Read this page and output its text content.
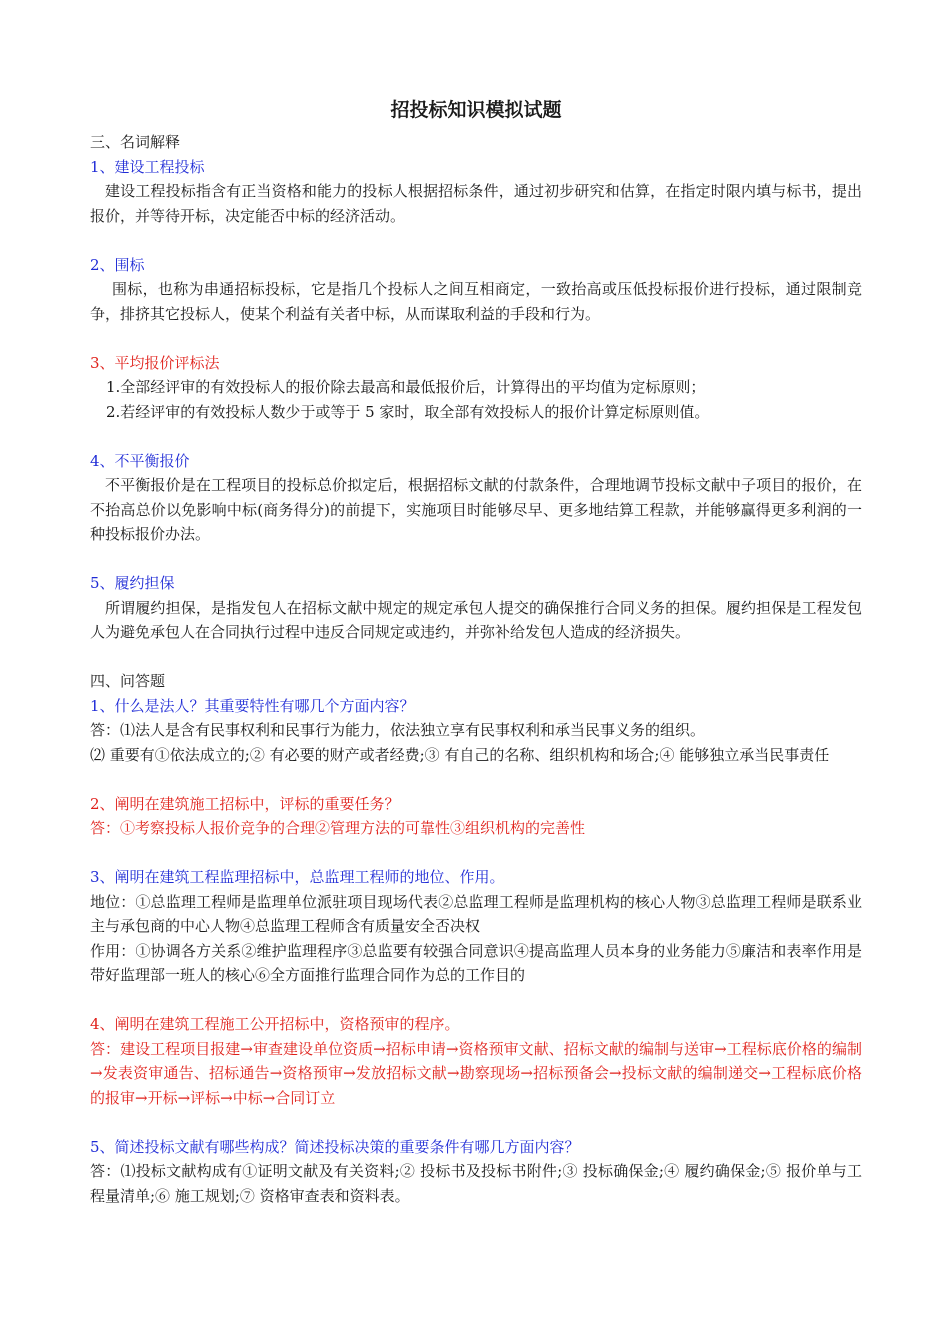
招投标知识模拟试题

三、名词解释

1、建设工程投标

建设工程投标指含有正当资格和能力的投标人根据招标条件，通过初步研究和估算，在指定时限内填与标书，提出报价，并等待开标，决定能否中标的经济活动。

2、围标

围标，也称为串通招标投标，它是指几个投标人之间互相商定，一致抬高或压低投标报价进行投标，通过限制竞争，排挤其它投标人，使某个利益有关者中标，从而谋取利益的手段和行为。

3、平均报价评标法

1.全部经评审的有效投标人的报价除去最高和最低报价后，计算得出的平均值为定标原则；

2.若经评审的有效投标人数少于或等于 5 家时，取全部有效投标人的报价计算定标原则值。

4、不平衡报价

不平衡报价是在工程项目的投标总价拟定后，根据招标文献的付款条件，合理地调节投标文献中子项目的报价，在不抬高总价以免影响中标(商务得分)的前提下，实施项目时能够尽早、更多地结算工程款，并能够赢得更多利润的一种投标报价办法。

5、履约担保

所谓履约担保，是指发包人在招标文献中规定的规定承包人提交的确保推行合同义务的担保。履约担保是工程发包人为避免承包人在合同执行过程中违反合同规定或违约，并弥补给发包人造成的经济损失。

四、问答题

1、什么是法人？其重要特性有哪几个方面内容？

答：⑴法人是含有民事权利和民事行为能力，依法独立享有民事权利和承当民事义务的组织。

⑵ 重要有①依法成立的;② 有必要的财产或者经费;③ 有自己的名称、组织机构和场合;④ 能够独立承当民事责任

2、阐明在建筑施工招标中，评标的重要任务？

答：①考察投标人报价竞争的合理②管理方法的可靠性③组织机构的完善性

3、阐明在建筑工程监理招标中，总监理工程师的地位、作用。

地位：①总监理工程师是监理单位派驻项目现场代表②总监理工程师是监理机构的核心人物③总监理工程师是联系业主与承包商的中心人物④总监理工程师含有质量安全否决权

作用：①协调各方关系②维护监理程序③总监要有较强合同意识④提高监理人员本身的业务能力⑤廉洁和表率作用是带好监理部一班人的核心⑥全方面推行监理合同作为总的工作目的

4、阐明在建筑工程施工公开招标中，资格预审的程序。

答：建设工程项目报建→审查建设单位资质→招标申请→资格预审文献、招标文献的编制与送审→工程标底价格的编制→发表资审通告、招标通告→资格预审→发放招标文献→勘察现场→招标预备会→投标文献的编制递交→工程标底价格的报审→开标→评标→中标→合同订立

5、简述投标文献有哪些构成？简述投标决策的重要条件有哪几方面内容？

答：⑴投标文献构成有①证明文献及有关资料;② 投标书及投标书附件;③ 投标确保金;④ 履约确保金;⑤ 报价单与工程量清单;⑥ 施工规划;⑦ 资格审查表和资料表。
